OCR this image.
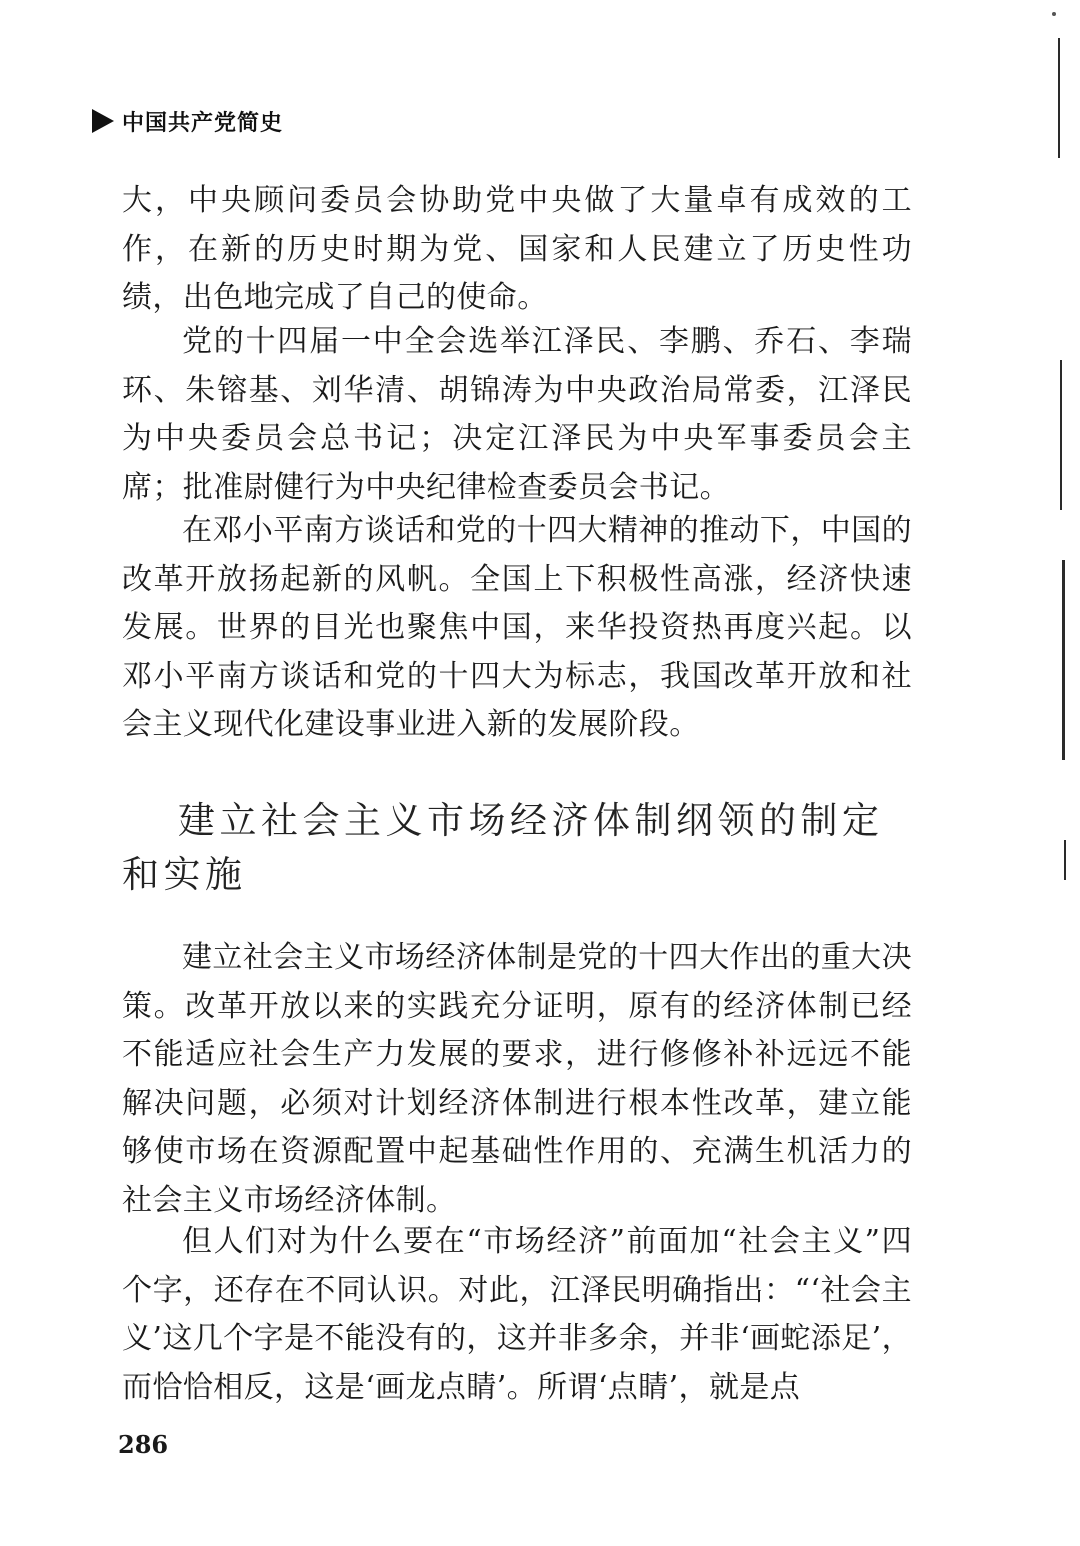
中国共产党简史

大，中央顾问委员会协助党中央做了大量卓有成效的工作，在新的历史时期为党、国家和人民建立了历史性功绩，出色地完成了自己的使命。

党的十四届一中全会选举江泽民、李鹏、乔石、李瑞环、朱镕基、刘华清、胡锦涛为中央政治局常委，江泽民为中央委员会总书记；决定江泽民为中央军事委员会主席；批准尉健行为中央纪律检查委员会书记。

在邓小平南方谈话和党的十四大精神的推动下，中国的改革开放扬起新的风帆。全国上下积极性高涨，经济快速发展。世界的目光也聚焦中国，来华投资热再度兴起。以邓小平南方谈话和党的十四大为标志，我国改革开放和社会主义现代化建设事业进入新的发展阶段。

建立社会主义市场经济体制纲领的制定和实施

建立社会主义市场经济体制是党的十四大作出的重大决策。改革开放以来的实践充分证明，原有的经济体制已经不能适应社会生产力发展的要求，进行修修补补远远不能解决问题，必须对计划经济体制进行根本性改革，建立能够使市场在资源配置中起基础性作用的、充满生机活力的社会主义市场经济体制。

但人们对为什么要在“市场经济”前面加“社会主义”四个字，还存在不同认识。对此，江泽民明确指出：“‘社会主义’这几个字是不能没有的，这并非多余，并非‘画蛇添足’，而恰恰相反，这是‘画龙点睛’。所谓‘点睛’，就是点

286
